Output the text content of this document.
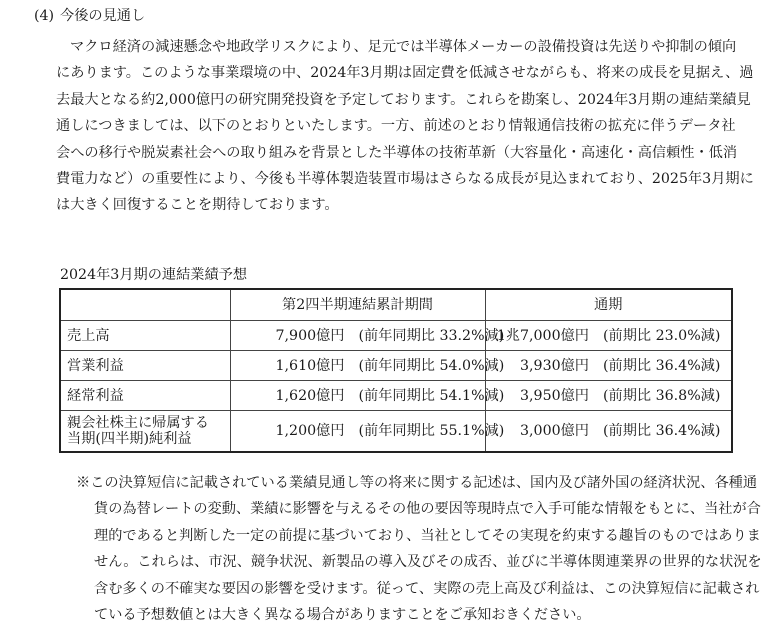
(4) 今後の見通し
マクロ経済の減速懸念や地政学リスクにより、足元では半導体メーカーの設備投資は先送りや抑制の傾向
にあります。このような事業環境の中、2024年3月期は固定費を低減させながらも、将来の成長を見据え、過
去最大となる約2,000億円の研究開発投資を予定しております。これらを勘案し、2024年3月期の連結業績見
通しにつきましては、以下のとおりといたします。一方、前述のとおり情報通信技術の拡充に伴うデータ社
会への移行や脱炭素社会への取り組みを背景とした半導体の技術革新（大容量化・高速化・高信頼性・低消
費電力など）の重要性により、今後も半導体製造装置市場はさらなる成長が見込まれており、2025年3月期に
は大きく回復することを期待しております。
2024年3月期の連結業績予想
	第2四半期連結累計期間	通期
売上高	7,900億円 (前年同期比 33.2%減)	1兆7,000億円 (前期比 23.0%減)
営業利益	1,610億円 (前年同期比 54.0%減)	3,930億円 (前期比 36.4%減)
経常利益	1,620億円 (前年同期比 54.1%減)	3,950億円 (前期比 36.8%減)

親会社株主に帰属する
当期(四半期)純利益	1,200億円 (前年同期比 55.1%減)	3,000億円 (前期比 36.4%減)
※この決算短信に記載されている業績見通し等の将来に関する記述は、国内及び諸外国の経済状況、各種通
貨の為替レートの変動、業績に影響を与えるその他の要因等現時点で入手可能な情報をもとに、当社が合
理的であると判断した一定の前提に基づいており、当社としてその実現を約束する趣旨のものではありま
せん。これらは、市況、競争状況、新製品の導入及びその成否、並びに半導体関連業界の世界的な状況を
含む多くの不確実な要因の影響を受けます。従って、実際の売上高及び利益は、この決算短信に記載され
ている予想数値とは大きく異なる場合がありますことをご承知おきください。
